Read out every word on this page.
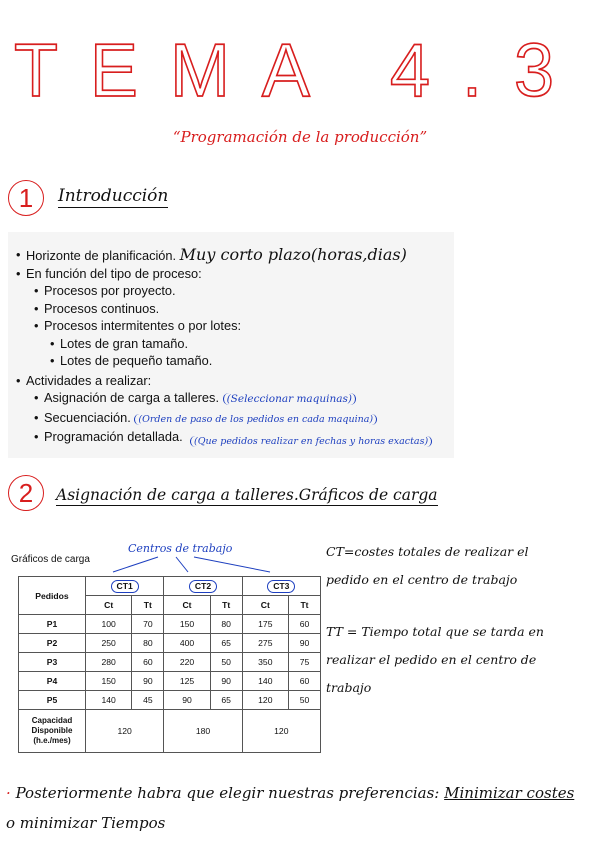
TEMA 4.3
“Programación de la producción”
1	Introducción
• Horizonte de planificación. Muy corto plazo(horas,dias)
• En función del tipo de proceso:
• Procesos por proyecto.
• Procesos continuos.
• Procesos intermitentes o por lotes:
• Lotes de gran tamaño.
• Lotes de pequeño tamaño.
• Actividades a realizar:
• Asignación de carga a talleres. (Seleccionar maquinas)
• Secuenciación. (Orden de paso de los pedidos en cada maquina)
• Programación detallada.	(Que pedidos realizar en fechas y horas exactas)
2	Asignación de carga a talleres.Gráficos de carga
Gráficos de carga
Centros de trabajo
Pedidos	CT1		CT2		CT3	
	Ct	Tt	Ct	Tt	Ct	Tt
P1	100	70	150	80	175	60
P2	250	80	400	65	275	90
P3	280	60	220	50	350	75
P4	150	90	125	90	140	60
P5	140	45	90	65	120	50
Capacidad Disponible (h.e./mes)	120		180		120	
CT=costes totales de realizar el
pedido en el centro de trabajo
TT = Tiempo total que se tarda en
realizar el pedido en el centro de
trabajo
· Posteriormente habra que elegir nuestras preferencias: Minimizar costes
o minimizar Tiempos
